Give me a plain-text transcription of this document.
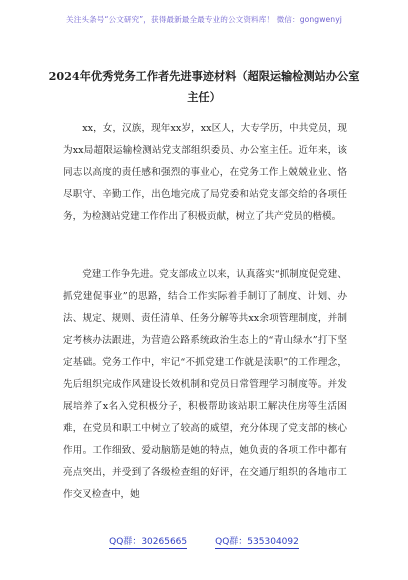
关注头条号“公文研究”，获得最新最全最专业的公文资料库！ 微信：gongwenyj
2024年优秀党务工作者先进事迹材料（超限运输检测站办公室主任）

xx，女，汉族，现年xx岁，xx区人，大专学历，中共党员，现为xx局超限运输检测站党支部组织委员、办公室主任。近年来，该同志以高度的责任感和强烈的事业心，在党务工作上兢兢业业、恪尽职守、辛勤工作，出色地完成了局党委和站党支部交给的各项任务，为检测站党建工作作出了积极贡献，树立了共产党员的楷模。

党建工作争先进。党支部成立以来，认真落实“抓制度促党建、抓党建促事业”的思路，结合工作实际着手制订了制度、计划、办法、规定、规则、责任清单、任务分解等共xx余项管理制度，并制定考核办法跟进，为营造公路系统政治生态上的“青山绿水”打下坚定基础。党务工作中，牢记“不抓党建工作就是渎职”的工作理念，先后组织完成作风建设长效机制和党员日常管理学习制度等。并发展培养了x名入党积极分子，积极帮助该站职工解决住房等生活困难，在党员和职工中树立了较高的威望，充分体现了党支部的核心作用。工作细致、爱动脑筋是她的特点，她负责的各项工作中都有亮点突出，并受到了各级检查组的好评，在交通厅组织的各地市工作交叉检查中，她

QQ群：30265665	QQ群：535304092
